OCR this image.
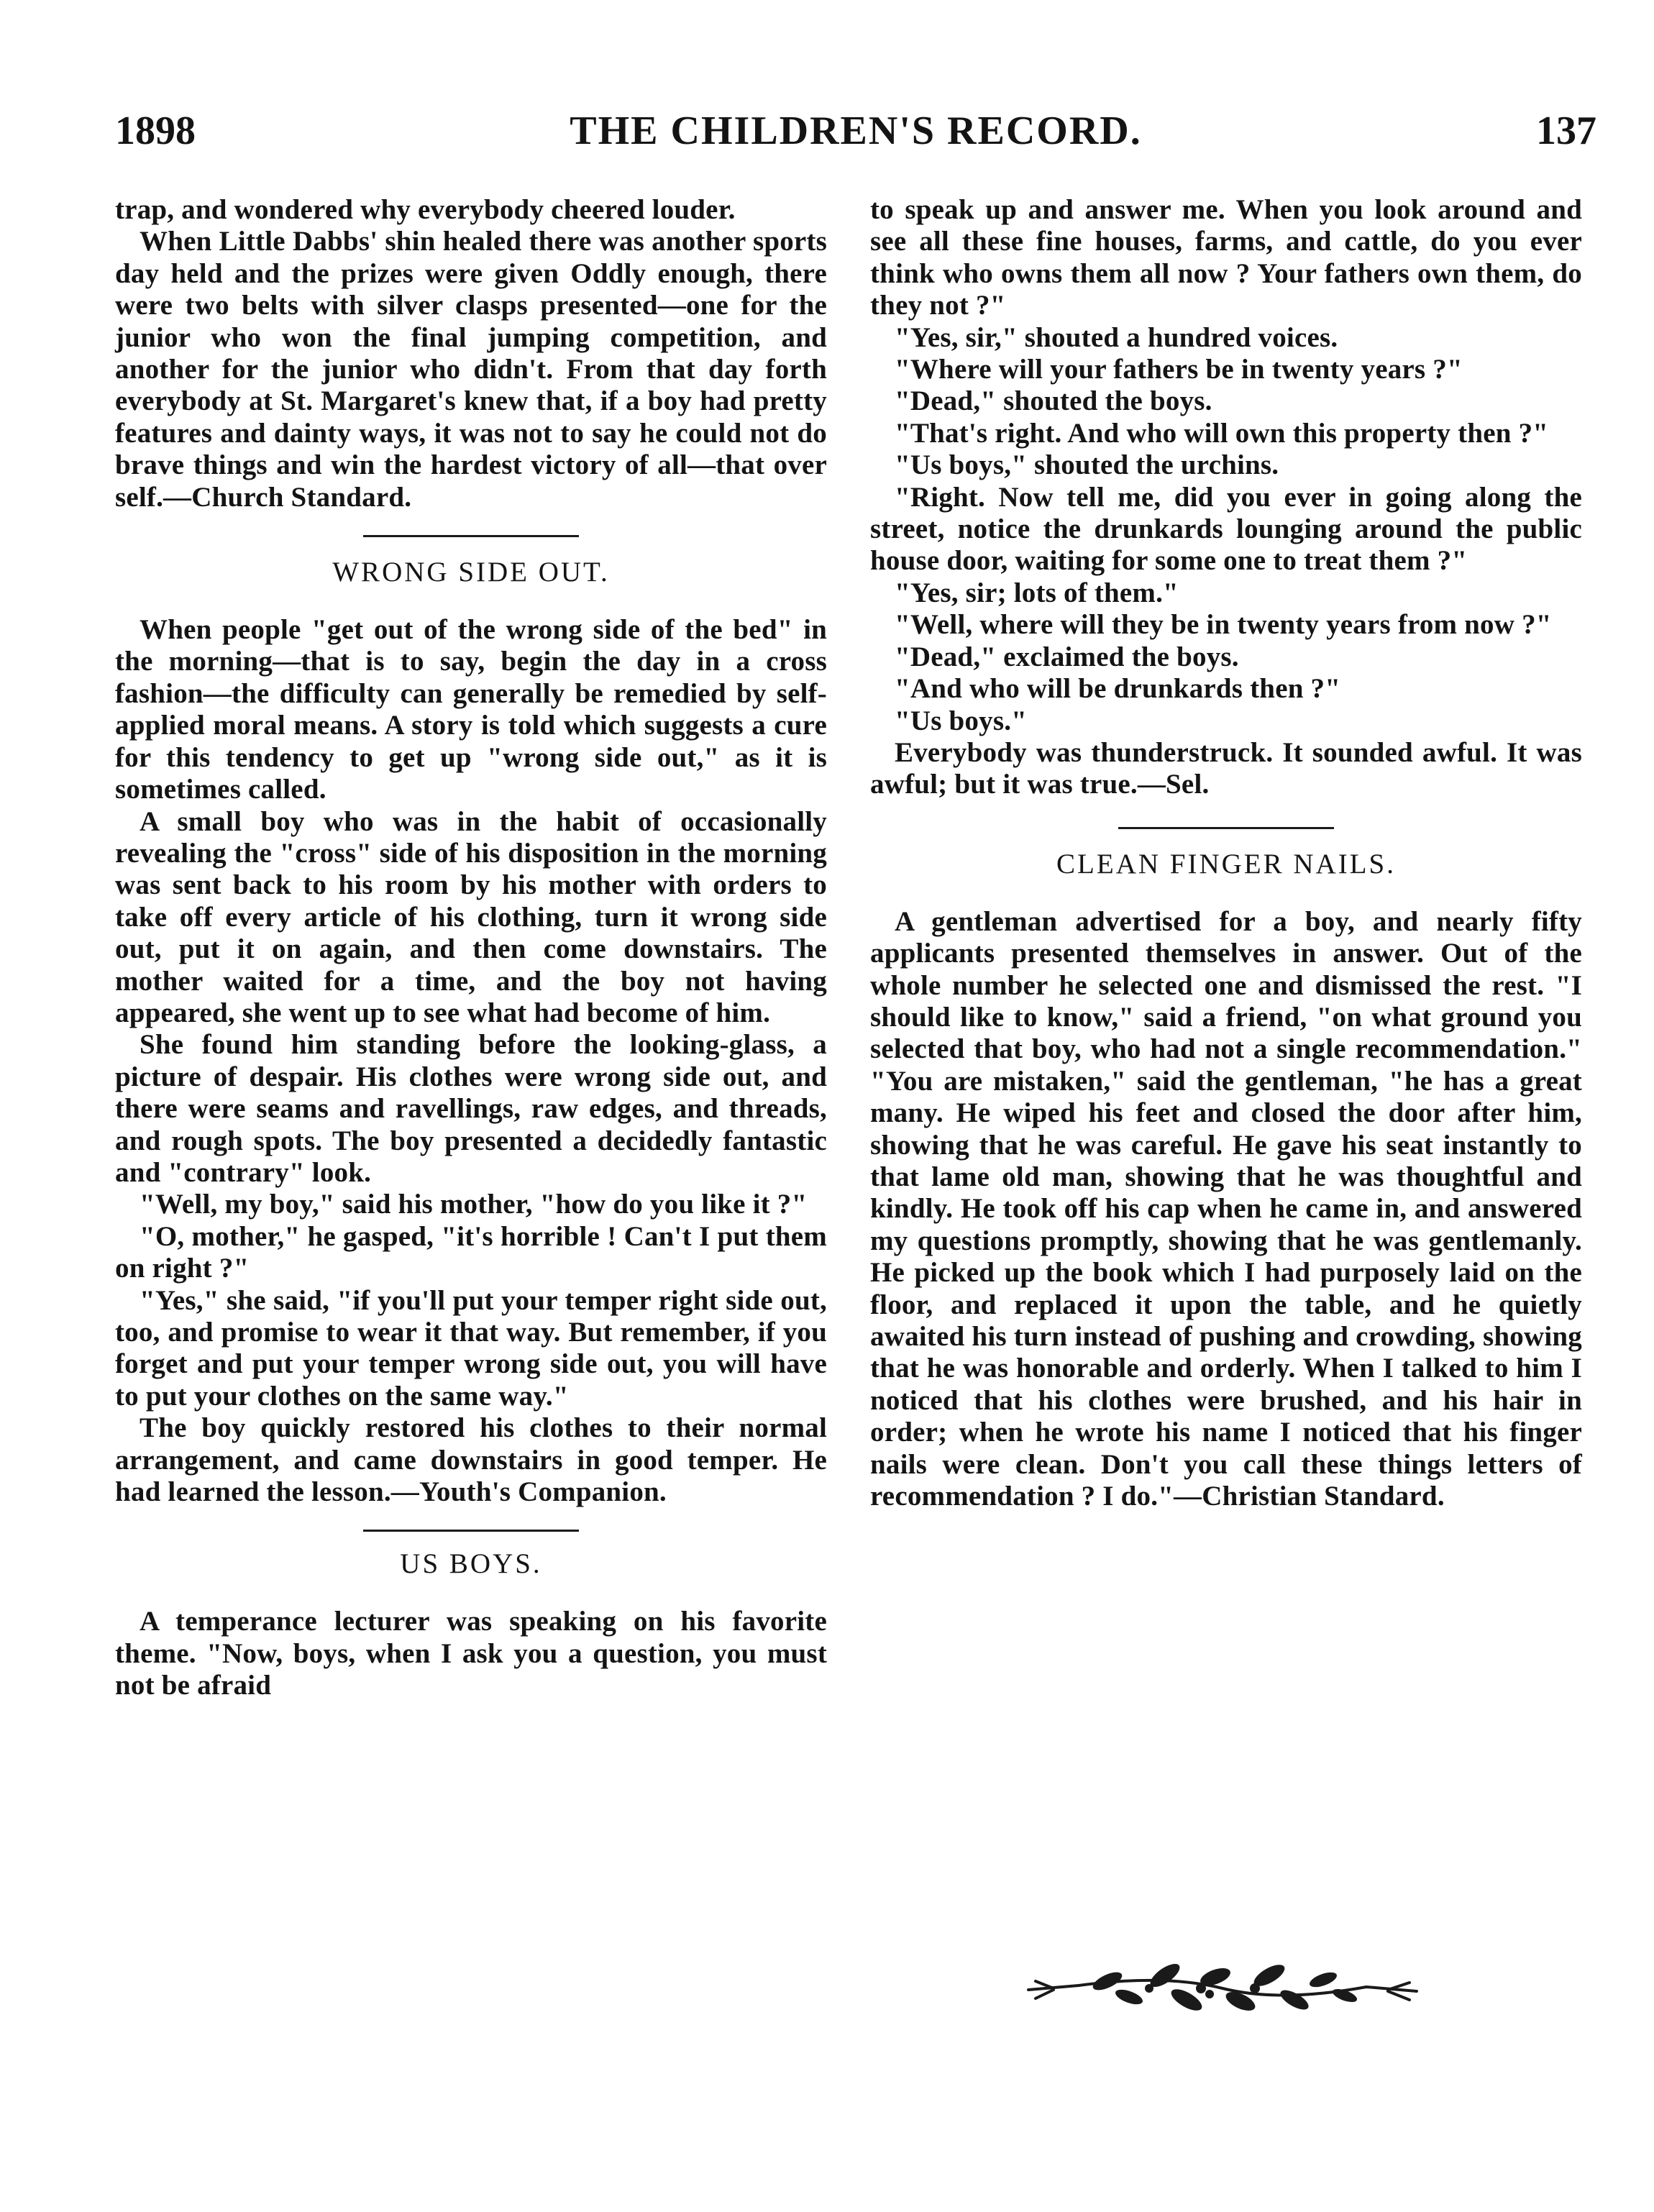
1898	THE CHILDREN'S RECORD.	137

trap, and wondered why everybody cheered louder.

When Little Dabbs' shin healed there was another sports day held and the prizes were given Oddly enough, there were two belts with silver clasps presented—one for the junior who won the final jumping competition, and another for the junior who didn't. From that day forth everybody at St. Margaret's knew that, if a boy had pretty features and dainty ways, it was not to say he could not do brave things and win the hardest victory of all—that over self.—Church Standard.

WRONG SIDE OUT.

When people "get out of the wrong side of the bed" in the morning—that is to say, begin the day in a cross fashion—the difficulty can generally be remedied by self-applied moral means. A story is told which suggests a cure for this tendency to get up "wrong side out," as it is sometimes called.

A small boy who was in the habit of occasionally revealing the "cross" side of his disposition in the morning was sent back to his room by his mother with orders to take off every article of his clothing, turn it wrong side out, put it on again, and then come downstairs. The mother waited for a time, and the boy not having appeared, she went up to see what had become of him.

She found him standing before the looking-glass, a picture of despair. His clothes were wrong side out, and there were seams and ravellings, raw edges, and threads, and rough spots. The boy presented a decidedly fantastic and "contrary" look.

"Well, my boy," said his mother, "how do you like it ?"

"O, mother," he gasped, "it's horrible ! Can't I put them on right ?"

"Yes," she said, "if you'll put your temper right side out, too, and promise to wear it that way. But remember, if you forget and put your temper wrong side out, you will have to put your clothes on the same way."

The boy quickly restored his clothes to their normal arrangement, and came downstairs in good temper. He had learned the lesson.—Youth's Companion.

US BOYS.

A temperance lecturer was speaking on his favorite theme. "Now, boys, when I ask you a question, you must not be afraid

to speak up and answer me. When you look around and see all these fine houses, farms, and cattle, do you ever think who owns them all now ? Your fathers own them, do they not ?"

"Yes, sir," shouted a hundred voices.

"Where will your fathers be in twenty years ?"

"Dead," shouted the boys.

"That's right. And who will own this property then ?"

"Us boys," shouted the urchins.

"Right. Now tell me, did you ever in going along the street, notice the drunkards lounging around the public house door, waiting for some one to treat them ?"

"Yes, sir; lots of them."

"Well, where will they be in twenty years from now ?"

"Dead," exclaimed the boys.

"And who will be drunkards then ?"

"Us boys."

Everybody was thunderstruck. It sounded awful. It was awful; but it was true.—Sel.

CLEAN FINGER NAILS.

A gentleman advertised for a boy, and nearly fifty applicants presented themselves in answer. Out of the whole number he selected one and dismissed the rest. "I should like to know," said a friend, "on what ground you selected that boy, who had not a single recommendation." "You are mistaken," said the gentleman, "he has a great many. He wiped his feet and closed the door after him, showing that he was careful. He gave his seat instantly to that lame old man, showing that he was thoughtful and kindly. He took off his cap when he came in, and answered my questions promptly, showing that he was gentlemanly. He picked up the book which I had purposely laid on the floor, and replaced it upon the table, and he quietly awaited his turn instead of pushing and crowding, showing that he was honorable and orderly. When I talked to him I noticed that his clothes were brushed, and his hair in order; when he wrote his name I noticed that his finger nails were clean. Don't you call these things letters of recommendation ? I do."—Christian Standard.
